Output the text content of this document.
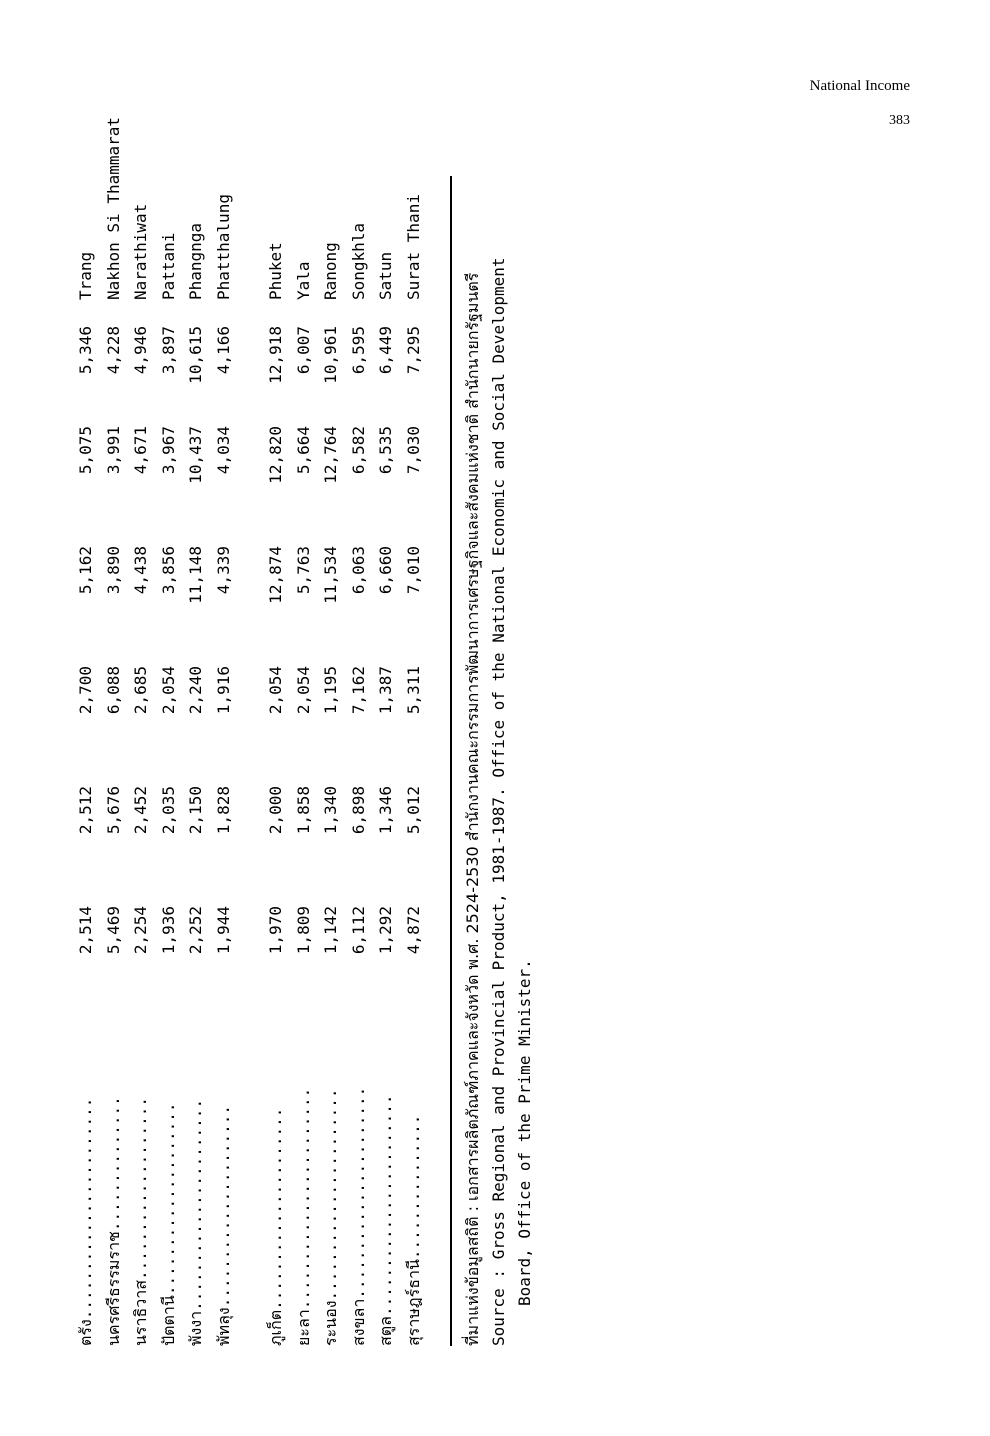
National Income
383
ตรัง.......................
2,514
2,512
2,700
5,162
5,075
5,346
Trang
นครศรีธรรมราช..............
5,469
5,676
6,088
3,890
3,991
4,228
Nakhon Si Thammarat
นราธิวาส...................
2,254
2,452
2,685
4,438
4,671
4,946
Narathiwat
ปัตตานี....................
1,936
2,035
2,054
3,856
3,967
3,897
Pattani
พังงา......................
2,252
2,150
2,240
11,148
10,437
10,615
Phangnga
พัทลุง.....................
1,944
1,828
1,916
4,339
4,034
4,166
Phatthalung
ภูเก็ต.....................
1,970
2,000
2,054
12,874
12,820
12,918
Phuket
ยะลา.......................
1,809
1,858
2,054
5,763
5,664
6,007
Yala
ระนอง......................
1,142
1,340
1,195
11,534
12,764
10,961
Ranong
สงขลา......................
6,112
6,898
7,162
6,063
6,582
6,595
Songkhla
สตูล.......................
1,292
1,346
1,387
6,660
6,535
6,449
Satun
สุราษฎร์ธานี...............
4,872
5,012
5,311
7,010
7,030
7,295
Surat Thani
ที่มาแห่งข้อมูลสถิติ : เอกสารผลิตภัณฑ์ภาคและจังหวัด พ.ศ. 2524-2530 สำนักงานคณะกรรมการพัฒนาการเศรษฐกิจและสังคมแห่งชาติ สำนักนายกรัฐมนตรี Source : Gross Regional and Provincial Product, 1981-1987. Office of the National Economic and Social Development Board, Office of the Prime Minister.
